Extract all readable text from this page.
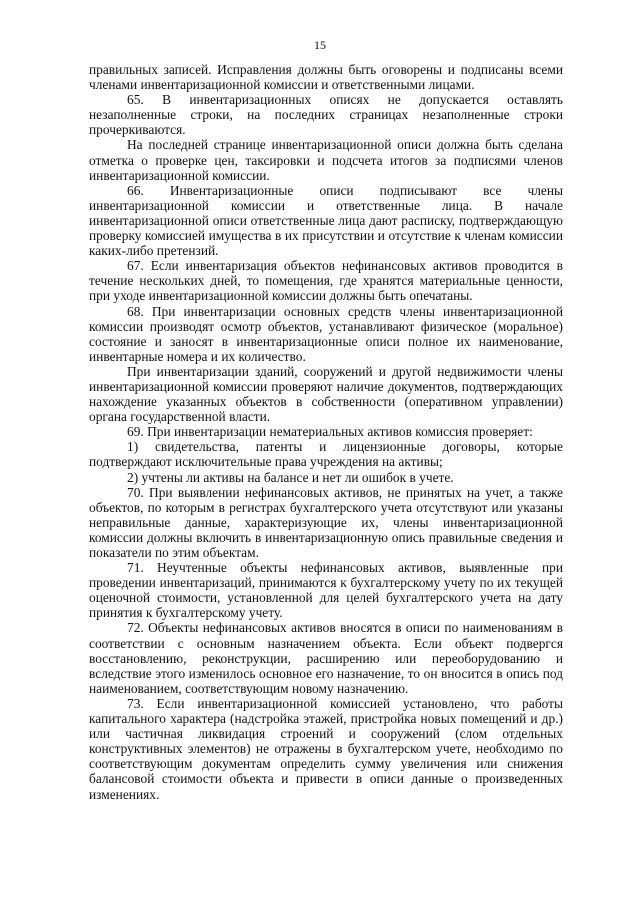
15

правильных записей. Исправления должны быть оговорены и подписаны всеми членами инвентаризационной комиссии и ответственными лицами.

65. В инвентаризационных описях не допускается оставлять незаполненные строки, на последних страницах незаполненные строки прочеркиваются.

На последней странице инвентаризационной описи должна быть сделана отметка о проверке цен, таксировки и подсчета итогов за подписями членов инвентаризационной комиссии.

66. Инвентаризационные описи подписывают все члены инвентаризационной комиссии и ответственные лица. В начале инвентаризационной описи ответственные лица дают расписку, подтверждающую проверку комиссией имущества в их присутствии и отсутствие к членам комиссии каких-либо претензий.

67. Если инвентаризация объектов нефинансовых активов проводится в течение нескольких дней, то помещения, где хранятся материальные ценности, при уходе инвентаризационной комиссии должны быть опечатаны.

68. При инвентаризации основных средств члены инвентаризационной комиссии производят осмотр объектов, устанавливают физическое (моральное) состояние и заносят в инвентаризационные описи полное их наименование, инвентарные номера и их количество.

При инвентаризации зданий, сооружений и другой недвижимости члены инвентаризационной комиссии проверяют наличие документов, подтверждающих нахождение указанных объектов в собственности (оперативном управлении) органа государственной власти.

69. При инвентаризации нематериальных активов комиссия проверяет:

1) свидетельства, патенты и лицензионные договоры, которые подтверждают исключительные права учреждения на активы;

2) учтены ли активы на балансе и нет ли ошибок в учете.

70. При выявлении нефинансовых активов, не принятых на учет, а также объектов, по которым в регистрах бухгалтерского учета отсутствуют или указаны неправильные данные, характеризующие их, члены инвентаризационной комиссии должны включить в инвентаризационную опись правильные сведения и показатели по этим объектам.

71. Неучтенные объекты нефинансовых активов, выявленные при проведении инвентаризаций, принимаются к бухгалтерскому учету по их текущей оценочной стоимости, установленной для целей бухгалтерского учета на дату принятия к бухгалтерскому учету.

72. Объекты нефинансовых активов вносятся в описи по наименованиям в соответствии с основным назначением объекта. Если объект подвергся восстановлению, реконструкции, расширению или переоборудованию и вследствие этого изменилось основное его назначение, то он вносится в опись под наименованием, соответствующим новому назначению.

73. Если инвентаризационной комиссией установлено, что работы капитального характера (надстройка этажей, пристройка новых помещений и др.) или частичная ликвидация строений и сооружений (слом отдельных конструктивных элементов) не отражены в бухгалтерском учете, необходимо по соответствующим документам определить сумму увеличения или снижения балансовой стоимости объекта и привести в описи данные о произведенных изменениях.
